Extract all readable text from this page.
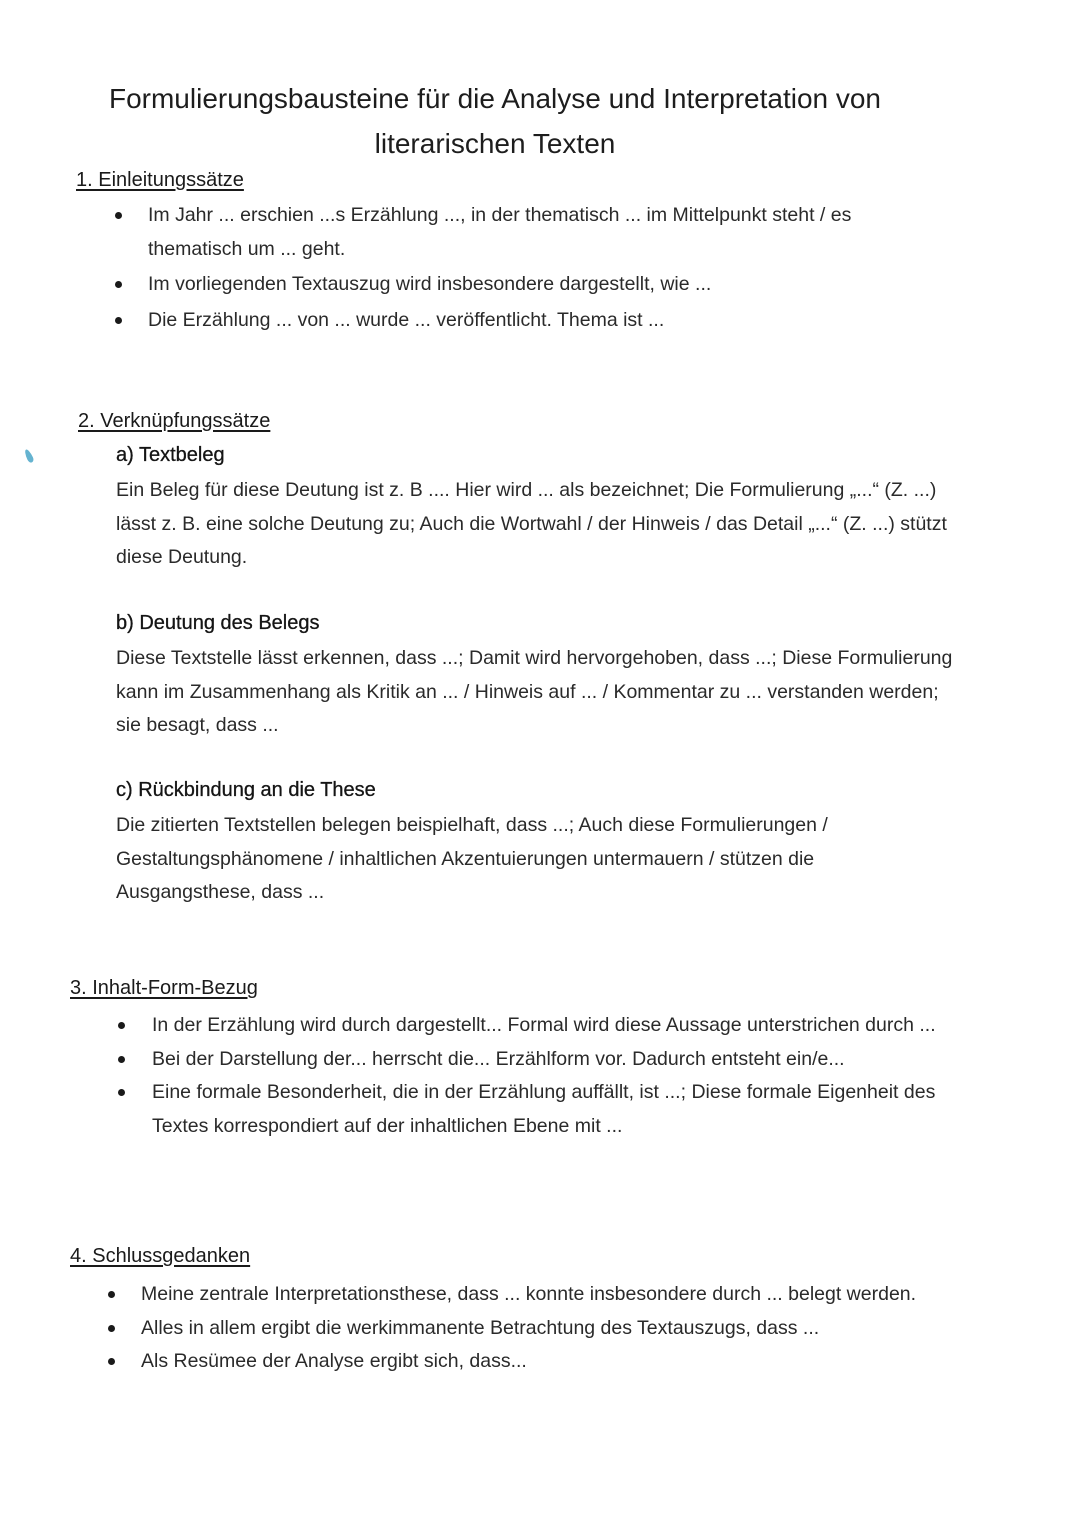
Formulierungsbausteine für die Analyse und Interpretation von
literarischen Texten
1. Einleitungssätze
Im Jahr ... erschien ...s Erzählung ..., in der thematisch ... im Mittelpunkt steht / es thematisch um ... geht.
Im vorliegenden Textauszug wird insbesondere dargestellt, wie ...
Die Erzählung ... von ... wurde ... veröffentlicht. Thema ist ...
2. Verknüpfungssätze
a) Textbeleg

Ein Beleg für diese Deutung ist z. B .... Hier wird ... als bezeichnet; Die Formulierung „...“ (Z. ...) lässt z. B. eine solche Deutung zu; Auch die Wortwahl / der Hinweis / das Detail „...“ (Z. ...) stützt diese Deutung.

b) Deutung des Belegs

Diese Textstelle lässt erkennen, dass ...; Damit wird hervorgehoben, dass ...; Diese Formulierung kann im Zusammenhang als Kritik an ... / Hinweis auf ... / Kommentar zu ... verstanden werden; sie besagt, dass ...

c) Rückbindung an die These

Die zitierten Textstellen belegen beispielhaft, dass ...; Auch diese Formulierungen / Gestaltungsphänomene / inhaltlichen Akzentuierungen untermauern / stützen die Ausgangsthese, dass ...

3. Inhalt-Form-Bezug
In der Erzählung wird durch dargestellt... Formal wird diese Aussage unterstrichen durch ...
Bei der Darstellung der... herrscht die... Erzählform vor. Dadurch entsteht ein/e...
Eine formale Besonderheit, die in der Erzählung auffällt, ist ...; Diese formale Eigenheit des Textes korrespondiert auf der inhaltlichen Ebene mit ...
4. Schlussgedanken
Meine zentrale Interpretationsthese, dass ... konnte insbesondere durch ... belegt werden.
Alles in allem ergibt die werkimmanente Betrachtung des Textauszugs, dass ...
Als Resümee der Analyse ergibt sich, dass...
